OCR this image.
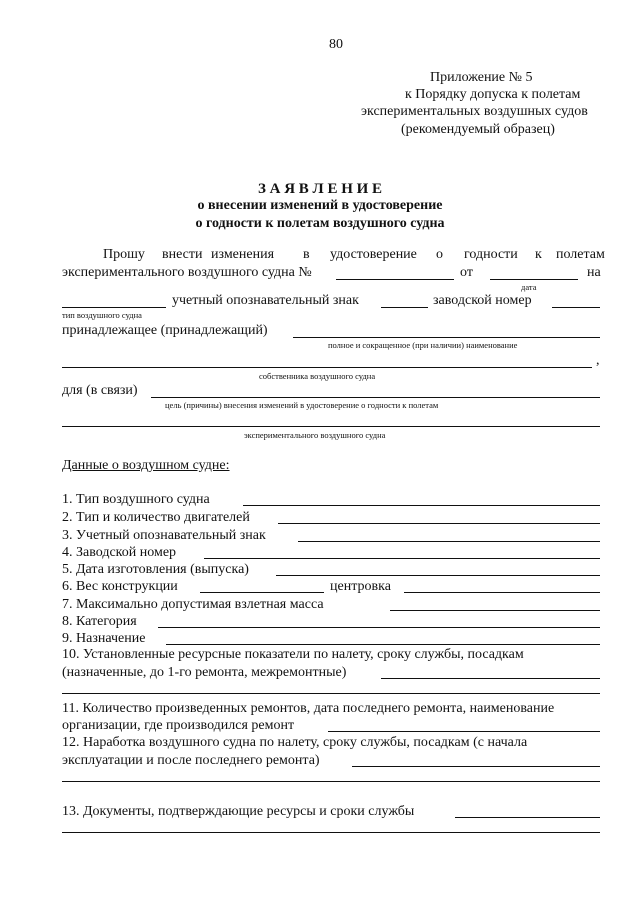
80
Приложение № 5
к Порядку допуска к полетам
экспериментальных воздушных судов
(рекомендуемый образец)
З А Я В Л Е Н И Е
о внесении изменений в удостоверение
о годности к полетам воздушного судна
Прошу внести изменения в удостоверение о годности к полетам
экспериментального воздушного судна №	от	на
дата
учетный опознавательный знак	заводской номер
тип воздушного судна
принадлежащее (принадлежащий)
полное и сокращенное (при наличии) наименование
,
собственника воздушного судна
для (в связи)
цель (причины) внесения изменений в удостоверение о годности к полетам
экспериментального воздушного судна
Данные о воздушном судне:
1. Тип воздушного судна
2. Тип и количество двигателей
3. Учетный опознавательный знак
4. Заводской номер
5. Дата изготовления (выпуска)
6. Вес конструкции	центровка
7. Максимально допустимая взлетная масса
8. Категория
9. Назначение
10. Установленные ресурсные показатели по налету, сроку службы, посадкам
(назначенные, до 1-го ремонта, межремонтные)
11. Количество произведенных ремонтов, дата последнего ремонта, наименование
организации, где производился ремонт
12. Наработка воздушного судна по налету, сроку службы, посадкам (с начала
эксплуатации и после последнего ремонта)
13. Документы, подтверждающие ресурсы и сроки службы
